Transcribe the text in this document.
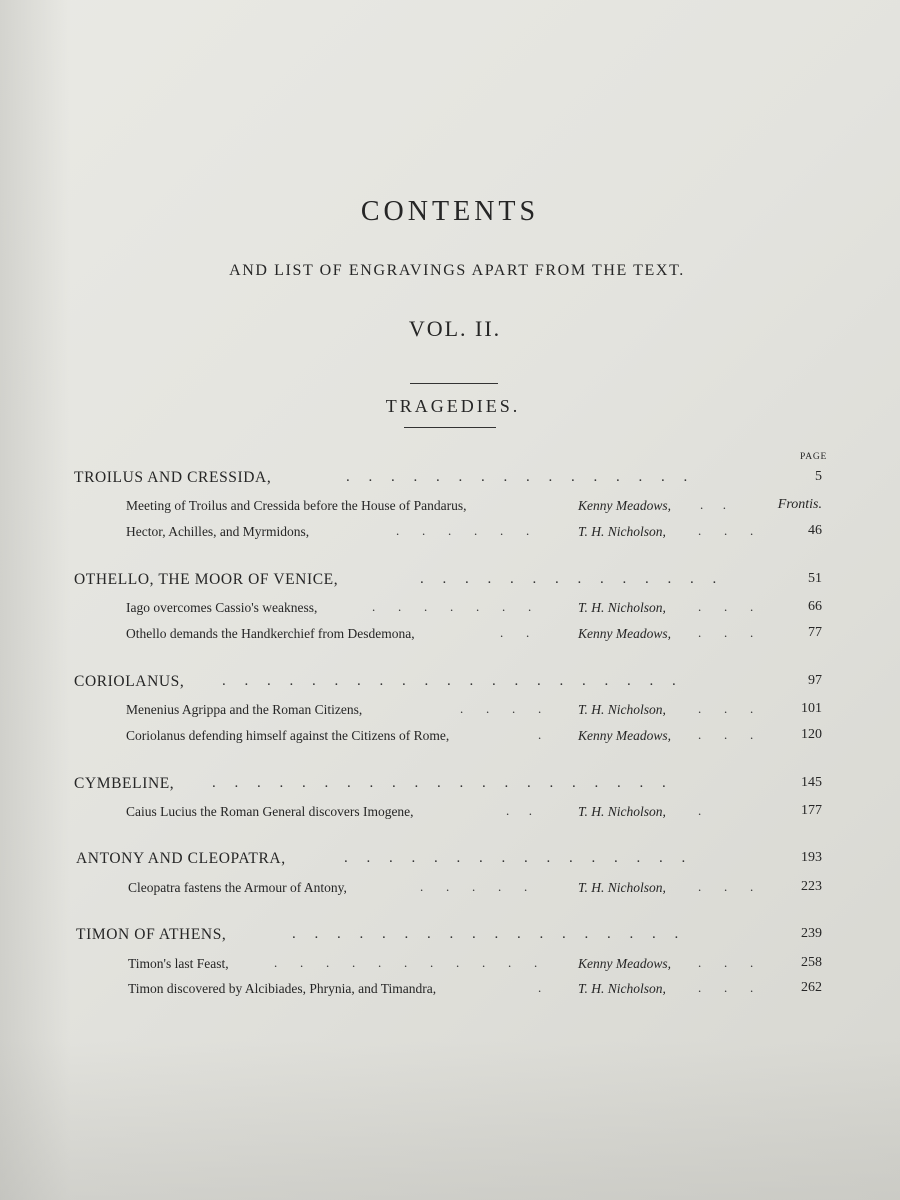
CONTENTS
AND LIST OF ENGRAVINGS APART FROM THE TEXT.
VOL. II.
TRAGEDIES.
PAGE
TROILUS AND CRESSIDA,	.     .     .     .     .     .     .     .     .     .     .     .     .     .     .     .	5
Meeting of Troilus and Cressida before the House of Pandarus,	Kenny Meadows, .      .	Frontis.
Hector, Achilles, and Myrmidons,	.       .       .       .       .       .	T. H. Nicholson, .       .       .	46
OTHELLO, THE MOOR OF VENICE,	.     .     .     .     .     .     .     .     .     .     .     .     .     .	51
Iago overcomes Cassio's weakness,	.       .       .       .       .       .       .	T. H. Nicholson, .       .       .	66
Othello demands the Handkerchief from Desdemona,	.       .	Kenny Meadows, .       .       .	77
CORIOLANUS,	.     .     .     .     .     .     .     .     .     .     .     .     .     .     .     .     .     .     .     .     .	97
Menenius Agrippa and the Roman Citizens,	.       .       .       .	T. H. Nicholson, .       .       .	101
Coriolanus defending himself against the Citizens of Rome,	.	Kenny Meadows, .       .       .	120
CYMBELINE,	.     .     .     .     .     .     .     .     .     .     .     .     .     .     .     .     .     .     .     .     .	145
Caius Lucius the Roman General discovers Imogene,	.      .	T. H. Nicholson, .	177
ANTONY AND CLEOPATRA,	.     .     .     .     .     .     .     .     .     .     .     .     .     .     .     .	193
Cleopatra fastens the Armour of Antony,	.       .       .       .       .	T. H. Nicholson, .       .       .	223
TIMON OF ATHENS,	.     .     .     .     .     .     .     .     .     .     .     .     .     .     .     .     .     .	239
Timon's last Feast,	.       .       .       .       .       .       .       .       .       .       .	Kenny Meadows, .       .       .	258
Timon discovered by Alcibiades, Phrynia, and Timandra,	.	T. H. Nicholson, .       .       .	262
